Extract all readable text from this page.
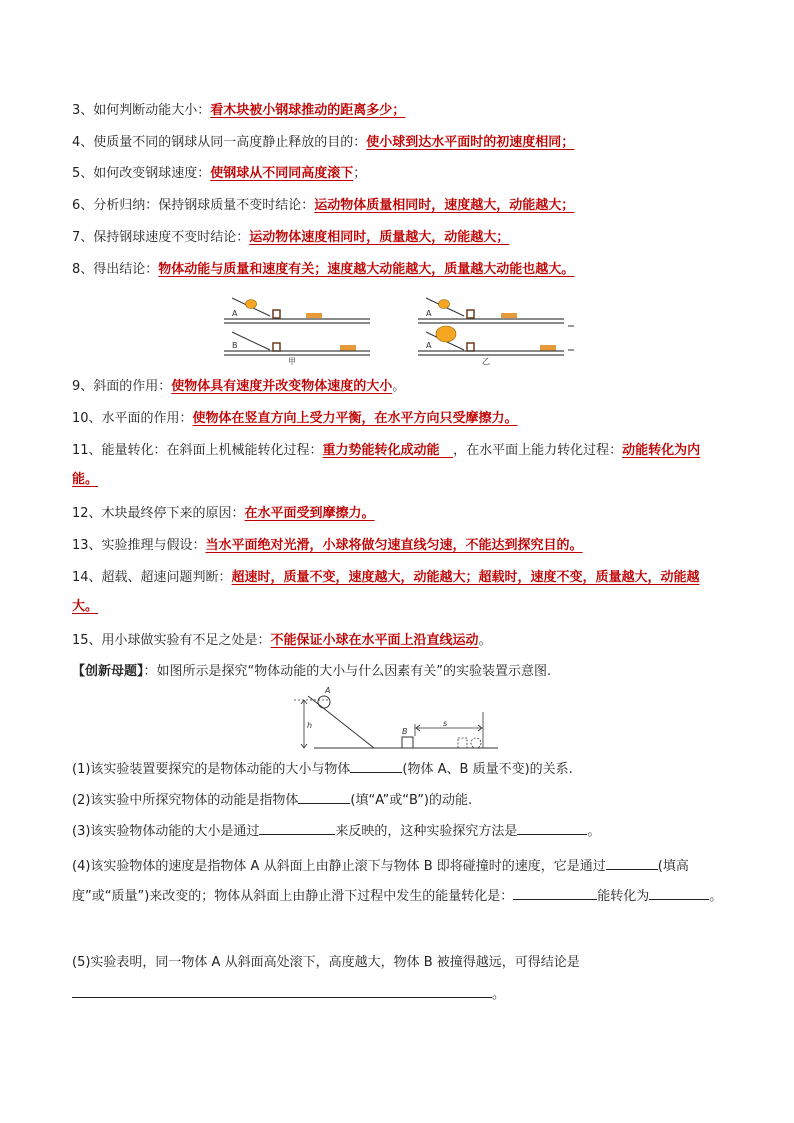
3、如何判断动能大小：看木块被小钢球推动的距离多少；
4、使质量不同的钢球从同一高度静止释放的目的：使小球到达水平面时的初速度相同；
5、如何改变钢球速度：使钢球从不同同高度滚下；
6、分析归纳：保持钢球质量不变时结论：运动物体质量相同时，速度越大，动能越大；
7、保持钢球速度不变时结论：运动物体速度相同时，质量越大，动能越大；
8、得出结论：物体动能与质量和速度有关；速度越大动能越大，质量越大动能也越大。
A
B
甲
A
A
乙
9、斜面的作用：使物体具有速度并改变物体速度的大小。
10、水平面的作用：使物体在竖直方向上受力平衡，在水平方向只受摩擦力。
11、能量转化：在斜面上机械能转化过程：重力势能转化成动能 ，在水平面上能力转化过程：动能转化为内能。
12、木块最终停下来的原因：在水平面受到摩擦力。
13、实验推理与假设：当水平面绝对光滑，小球将做匀速直线匀速，不能达到探究目的。
14、超载、超速问题判断：超速时，质量不变，速度越大，动能越大；超载时，速度不变，质量越大，动能越大。
15、用小球做实验有不足之处是：不能保证小球在水平面上沿直线运动。
【创新母题】：如图所示是探究“物体动能的大小与什么因素有关”的实验装置示意图.
h
A
B
s
(1)该实验装置要探究的是物体动能的大小与物体	(物体 A、B 质量不变)的关系.
(2)该实验中所探究物体的动能是指物体	(填“A”或“B”)的动能.
(3)该实验物体动能的大小是通过	来反映的，这种实验探究方法是	。
(4)该实验物体的速度是指物体 A 从斜面上由静止滚下与物体 B 即将碰撞时的速度，它是通过	(填高度”或“质量”)来改变的；物体从斜面上由静止滑下过程中发生的能量转化是：	能转化为	。
(5)实验表明，同一物体 A 从斜面高处滚下，高度越大，物体 B 被撞得越远，可得结论是
。
